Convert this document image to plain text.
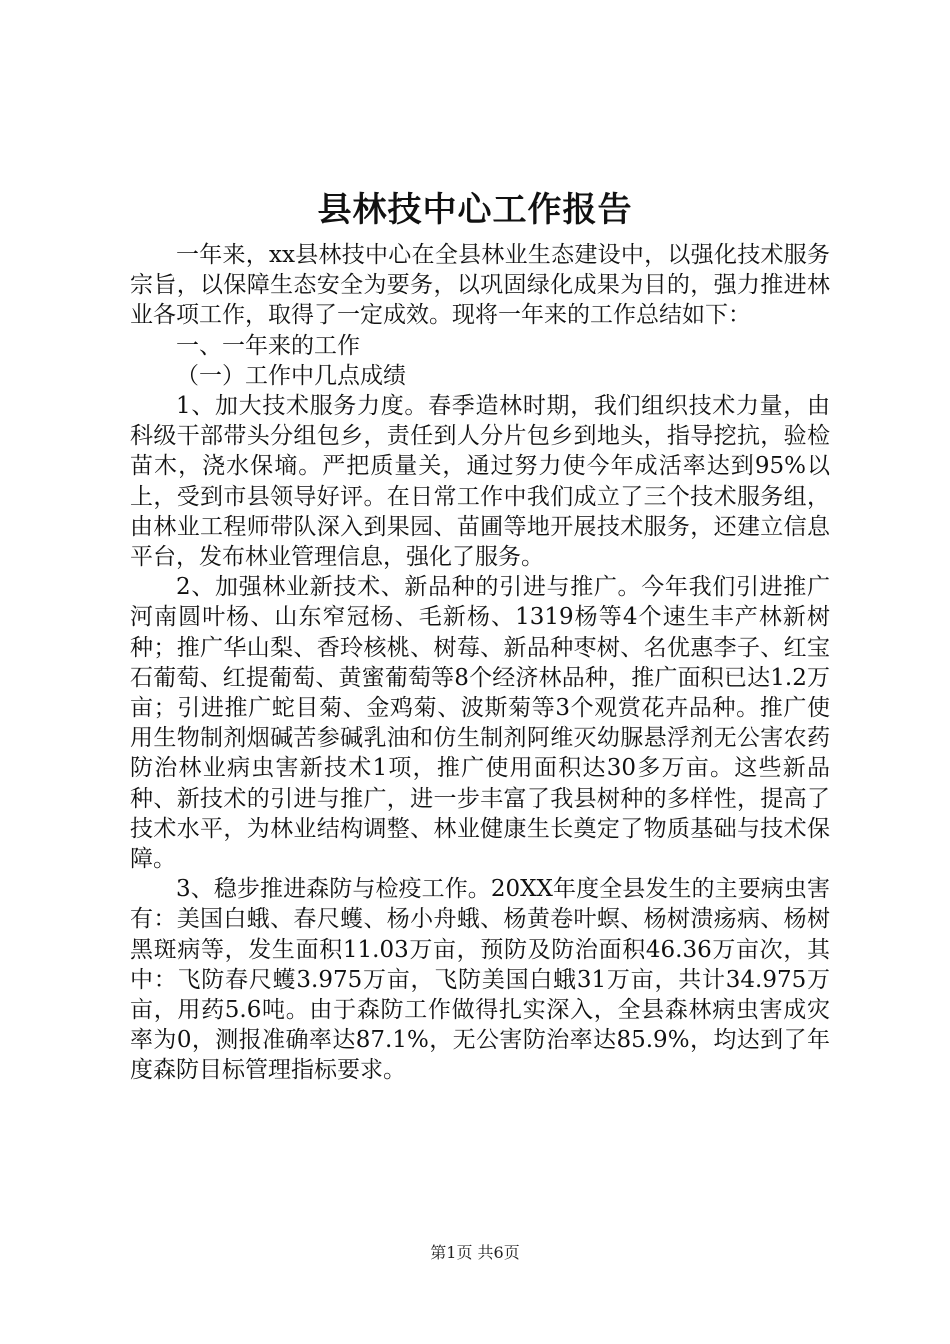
县林技中心工作报告

一年来，xx县林技中心在全县林业生态建设中，以强化技术服务宗旨，以保障生态安全为要务，以巩固绿化成果为目的，强力推进林业各项工作，取得了一定成效。现将一年来的工作总结如下：

一、一年来的工作

（一）工作中几点成绩

1、加大技术服务力度。春季造林时期，我们组织技术力量，由科级干部带头分组包乡，责任到人分片包乡到地头，指导挖抗，验检苗木，浇水保墒。严把质量关，通过努力使今年成活率达到95%以上，受到市县领导好评。在日常工作中我们成立了三个技术服务组，由林业工程师带队深入到果园、苗圃等地开展技术服务，还建立信息平台，发布林业管理信息，强化了服务。

2、加强林业新技术、新品种的引进与推广。今年我们引进推广河南圆叶杨、山东窄冠杨、毛新杨、1319杨等4个速生丰产林新树种；推广华山梨、香玲核桃、树莓、新品种枣树、名优惠李子、红宝石葡萄、红提葡萄、黄蜜葡萄等8个经济林品种，推广面积已达1.2万亩；引进推广蛇目菊、金鸡菊、波斯菊等3个观赏花卉品种。推广使用生物制剂烟碱苦参碱乳油和仿生制剂阿维灭幼脲悬浮剂无公害农药防治林业病虫害新技术1项，推广使用面积达30多万亩。这些新品种、新技术的引进与推广，进一步丰富了我县树种的多样性，提高了技术水平，为林业结构调整、林业健康生长奠定了物质基础与技术保障。

3、稳步推进森防与检疫工作。20XX年度全县发生的主要病虫害有：美国白蛾、春尺蠖、杨小舟蛾、杨黄卷叶螟、杨树溃疡病、杨树黑斑病等，发生面积11.03万亩，预防及防治面积46.36万亩次，其中：飞防春尺蠖3.975万亩，飞防美国白蛾31万亩，共计34.975万亩，用药5.6吨。由于森防工作做得扎实深入，全县森林病虫害成灾率为0，测报准确率达87.1%，无公害防治率达85.9%，均达到了年度森防目标管理指标要求。

第1页 共6页
